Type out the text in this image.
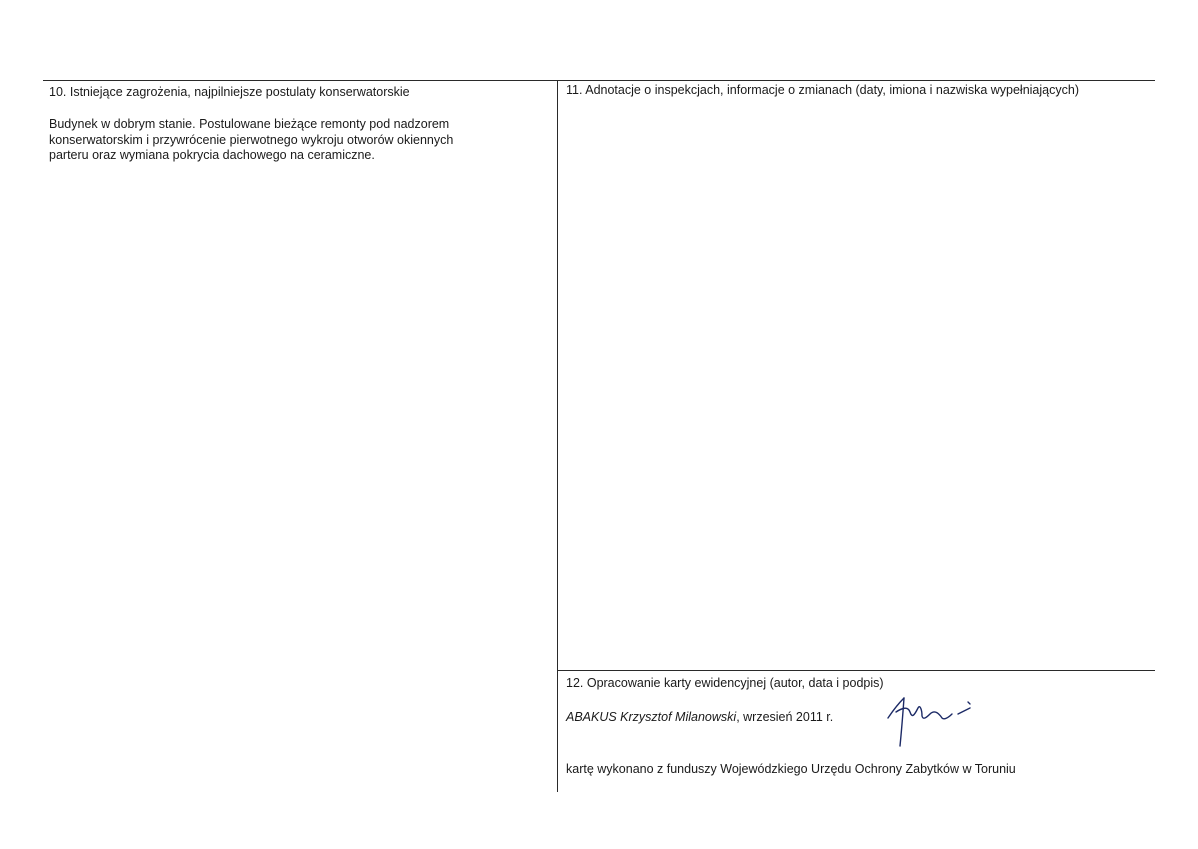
10. Istniejące zagrożenia, najpilniejsze postulaty konserwatorskie
Budynek w dobrym stanie. Postulowane bieżące remonty pod nadzorem
konserwatorskim i przywrócenie pierwotnego wykroju otworów okiennych
parteru oraz wymiana pokrycia dachowego na ceramiczne.
11. Adnotacje o inspekcjach, informacje o zmianach (daty, imiona i nazwiska wypełniających)
12. Opracowanie karty ewidencyjnej (autor, data i podpis)
ABAKUS Krzysztof Milanowski, wrzesień 2011 r.
kartę wykonano z funduszy Wojewódzkiego Urzędu Ochrony Zabytków w Toruniu
